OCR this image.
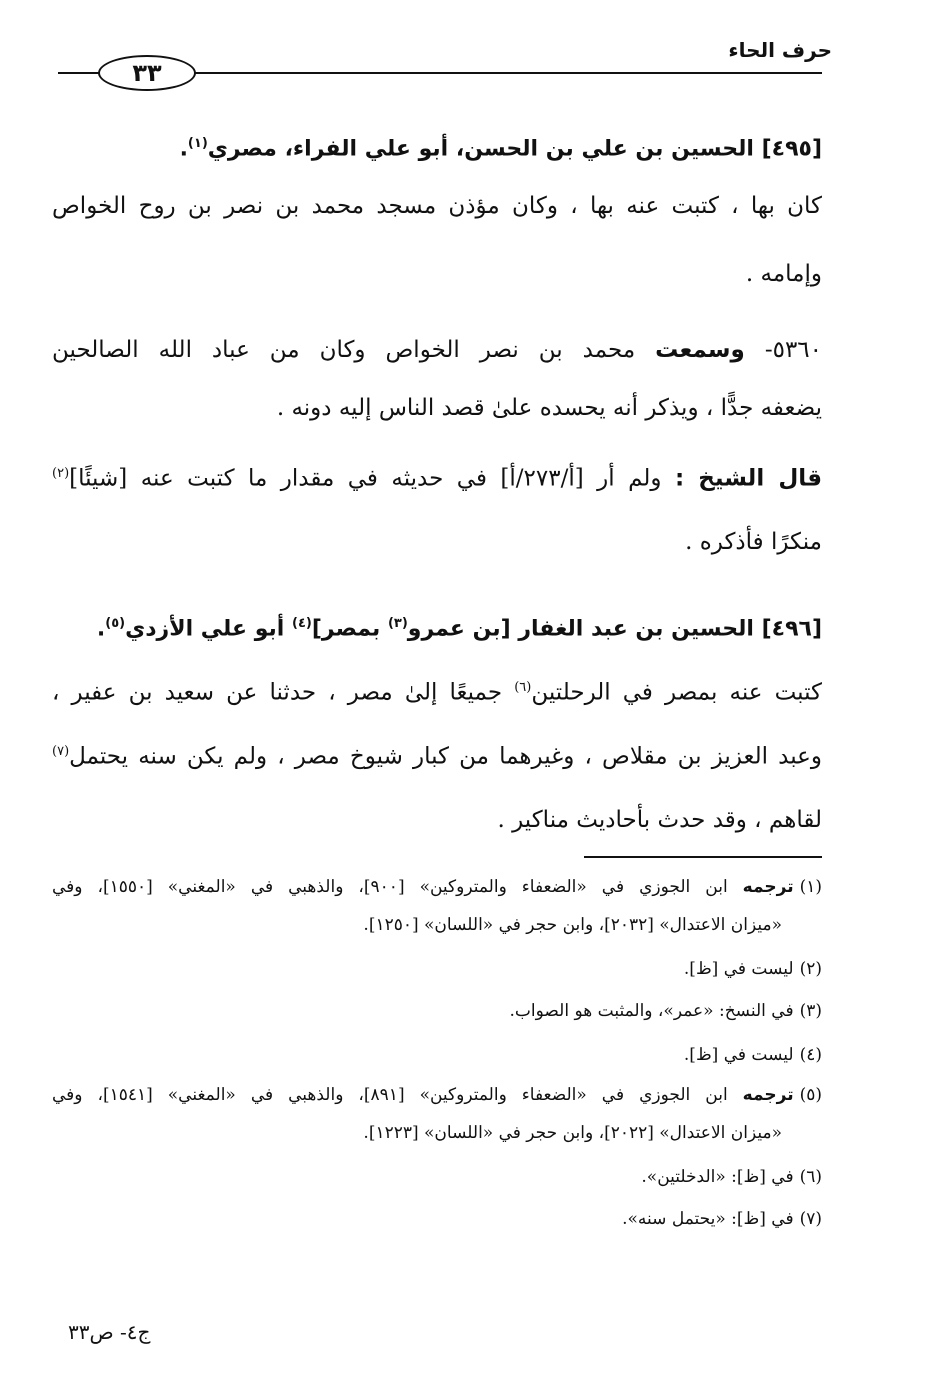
حرف الحاء
٣٣
[٤٩٥] الحسين بن علي بن الحسن، أبو علي الفراء، مصري$^{(١)}$.
كان بها ، كتبت عنه بها ، وكان مؤذن مسجد محمد بن نصر بن روح الخواص
وإمامه .
٥٣٦٠- وسمعت محمد بن نصر الخواص وكان من عباد الله الصالحين
يضعفه جدًّا ، ويذكر أنه يحسده علىٰ قصد الناس إليه دونه .
قال الشيخ : ولم أر [أ/٢٧٣/أ] في حديثه في مقدار ما كتبت عنه [شيئًا]$^{(٢)}$
منكرًا فأذكره .
[٤٩٦] الحسين بن عبد الغفار [بن عمرو$^{(٣)}$ بمصر]$^{(٤)}$ أبو علي الأزدي$^{(٥)}$.
كتبت عنه بمصر في الرحلتين$^{(٦)}$ جميعًا إلىٰ مصر ، حدثنا عن سعيد بن عفير ،
وعبد العزيز بن مقلاص ، وغيرهما من كبار شيوخ مصر ، ولم يكن سنه يحتمل$^{(٧)}$
لقاهم ، وقد حدث بأحاديث مناكير .
(١)ترجمه ابن الجوزي في «الضعفاء والمتروكين» [٩٠٠]، والذهبي في «المغني» [١٥٥٠]، وفي
«ميزان الاعتدال» [٢٠٣٢]، وابن حجر في «اللسان» [١٢٥٠].
(٢)ليست في [ظ].
(٣)في النسخ: «عمر»، والمثبت هو الصواب.
(٤)ليست في [ظ].
(٥)ترجمه ابن الجوزي في «الضعفاء والمتروكين» [٨٩١]، والذهبي في «المغني» [١٥٤١]، وفي
«ميزان الاعتدال» [٢٠٢٢]، وابن حجر في «اللسان» [١٢٢٣].
(٦)في [ظ]: «الدخلتين».
(٧)في [ظ]: «يحتمل سنه».
ج٤- ص٣٣
